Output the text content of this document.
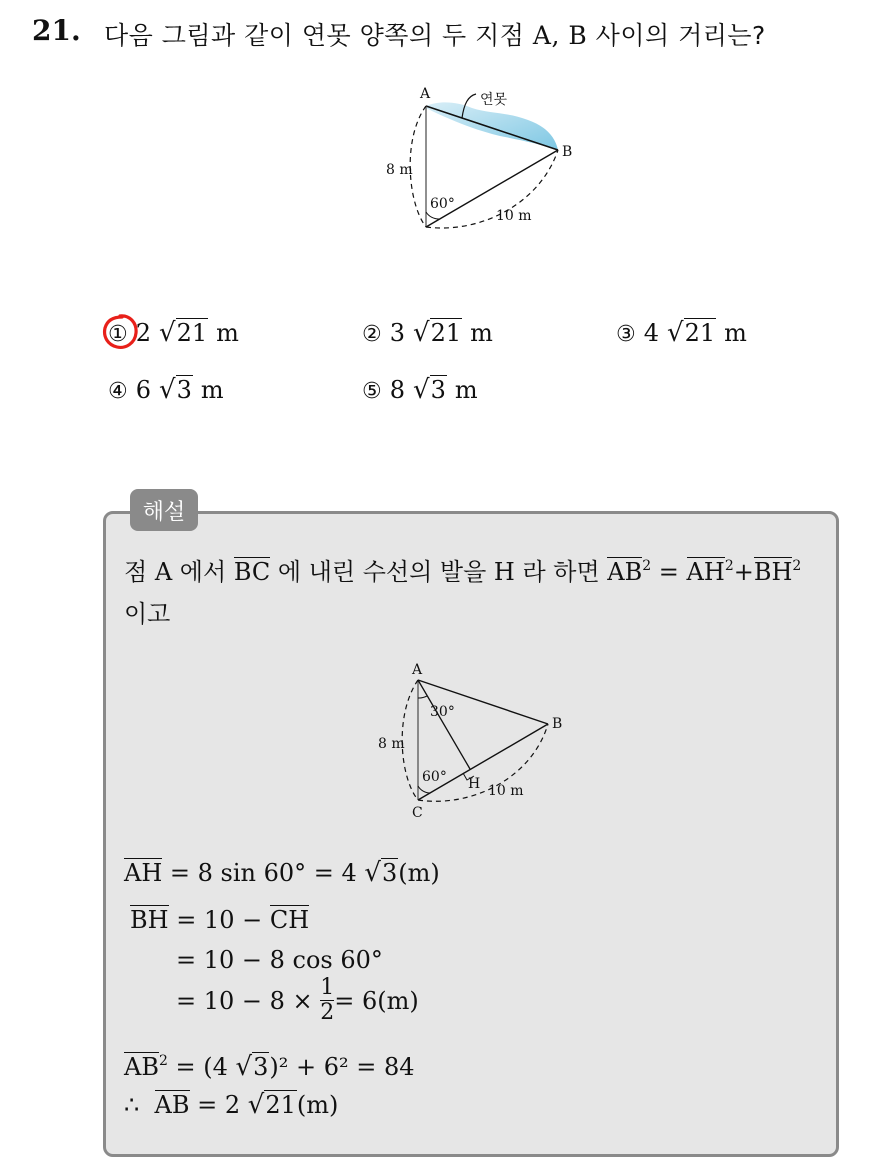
21. 다음 그림과 같이 연못 양쪽의 두 지점 A, B 사이의 거리는?
A
B
연못
8 m
60°
10 m
① 2 √21 m	② 3 √21 m	③ 4 √21 m
④ 6 √3 m	⑤ 8 √3 m
해설
점 A 에서 BC 에 내린 수선의 발을 H 라 하면 $AB^2 = AH^2+BH^2$
이고
A
B
C
H
30°
60°
8 m
10 m
AH = 8 sin 60° = 4 √3(m)
BH = 10 − CH
= 10 − 8 cos 60°
= 10 − 8 ×
$\frac{1}{2} = 6(m)$
$AB^2 = (4$ √3)² + 6² = 84
∴ AB = 2 √21(m)
